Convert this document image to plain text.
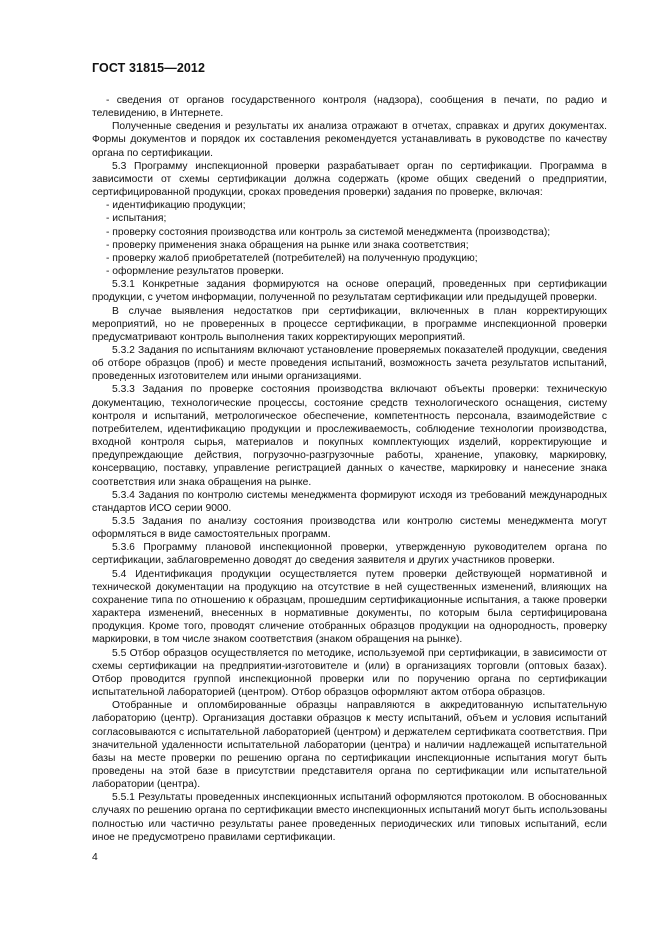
ГОСТ 31815—2012

- сведения от органов государственного контроля (надзора), сообщения в печати, по радио и телевидению, в Интернете.

Полученные сведения и результаты их анализа отражают в отчетах, справках и других документах. Формы документов и порядок их составления рекомендуется устанавливать в руководстве по качеству органа по сертификации.

5.3 Программу инспекционной проверки разрабатывает орган по сертификации. Программа в зависимости от схемы сертификации должна содержать (кроме общих сведений о предприятии, сертифицированной продукции, сроках проведения проверки) задания по проверке, включая:

- идентификацию продукции;

- испытания;

- проверку состояния производства или контроль за системой менеджмента (производства);

- проверку применения знака обращения на рынке или знака соответствия;

- проверку жалоб приобретателей (потребителей) на полученную продукцию;

- оформление результатов проверки.

5.3.1 Конкретные задания формируются на основе операций, проведенных при сертификации продукции, с учетом информации, полученной по результатам сертификации или предыдущей проверки.

В случае выявления недостатков при сертификации, включенных в план корректирующих мероприятий, но не проверенных в процессе сертификации, в программе инспекционной проверки предусматривают контроль выполнения таких корректирующих мероприятий.

5.3.2 Задания по испытаниям включают установление проверяемых показателей продукции, сведения об отборе образцов (проб) и месте проведения испытаний, возможность зачета результатов испытаний, проведенных изготовителем или иными организациями.

5.3.3 Задания по проверке состояния производства включают объекты проверки: техническую документацию, технологические процессы, состояние средств технологического оснащения, систему контроля и испытаний, метрологическое обеспечение, компетентность персонала, взаимодействие с потребителем, идентификацию продукции и прослеживаемость, соблюдение технологии производства, входной контроля сырья, материалов и покупных комплектующих изделий, корректирующие и предупреждающие действия, погрузочно-разгрузочные работы, хранение, упаковку, маркировку, консервацию, поставку, управление регистрацией данных о качестве, маркировку и нанесение знака соответствия или знака обращения на рынке.

5.3.4 Задания по контролю системы менеджмента формируют исходя из требований международных стандартов ИСО серии 9000.

5.3.5 Задания по анализу состояния производства или контролю системы менеджмента могут оформляться в виде самостоятельных программ.

5.3.6 Программу плановой инспекционной проверки, утвержденную руководителем органа по сертификации, заблаговременно доводят до сведения заявителя и других участников проверки.

5.4 Идентификация продукции осуществляется путем проверки действующей нормативной и технической документации на продукцию на отсутствие в ней существенных изменений, влияющих на сохранение типа по отношению к образцам, прошедшим сертификационные испытания, а также проверки характера изменений, внесенных в нормативные документы, по которым была сертифицирована продукция. Кроме того, проводят сличение отобранных образцов продукции на однородность, проверку маркировки, в том числе знаком соответствия (знаком обращения на рынке).

5.5 Отбор образцов осуществляется по методике, используемой при сертификации, в зависимости от схемы сертификации на предприятии-изготовителе и (или) в организациях торговли (оптовых базах). Отбор проводится группой инспекционной проверки или по поручению органа по сертификации испытательной лабораторией (центром). Отбор образцов оформляют актом отбора образцов.

Отобранные и опломбированные образцы направляются в аккредитованную испытательную лабораторию (центр). Организация доставки образцов к месту испытаний, объем и условия испытаний согласовываются с испытательной лабораторией (центром) и держателем сертификата соответствия. При значительной удаленности испытательной лаборатории (центра) и наличии надлежащей испытательной базы на месте проверки по решению органа по сертификации инспекционные испытания могут быть проведены на этой базе в присутствии представителя органа по сертификации или испытательной лаборатории (центра).

5.5.1 Результаты проведенных инспекционных испытаний оформляются протоколом. В обоснованных случаях по решению органа по сертификации вместо инспекционных испытаний могут быть использованы полностью или частично результаты ранее проведенных периодических или типовых испытаний, если иное не предусмотрено правилами сертификации.

4
